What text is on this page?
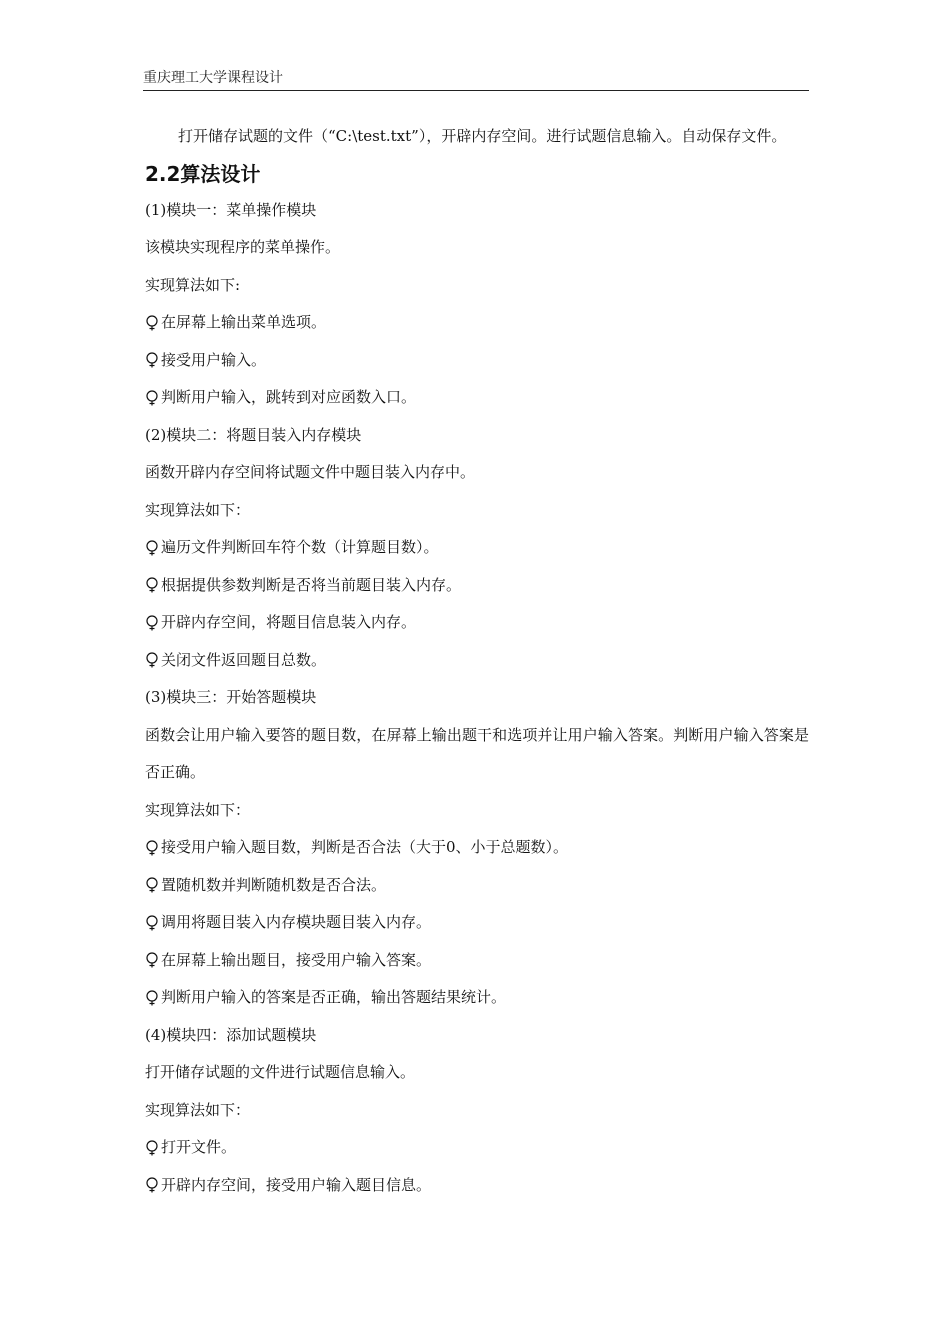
重庆理工大学课程设计

打开储存试题的文件（“C:\test.txt”），开辟内存空间。进行试题信息输入。自动保存文件。

2.2算法设计

(1)模块一：菜单操作模块

该模块实现程序的菜单操作。

实现算法如下:

在屏幕上输出菜单选项。
接受用户输入。
判断用户输入，跳转到对应函数入口。

(2)模块二：将题目装入内存模块

函数开辟内存空间将试题文件中题目装入内存中。

实现算法如下：

遍历文件判断回车符个数（计算题目数）。
根据提供参数判断是否将当前题目装入内存。
开辟内存空间，将题目信息装入内存。
关闭文件返回题目总数。

(3)模块三：开始答题模块

函数会让用户输入要答的题目数，在屏幕上输出题干和选项并让用户输入答案。判断用户输入答案是否正确。

实现算法如下：

接受用户输入题目数，判断是否合法（大于0、小于总题数）。
置随机数并判断随机数是否合法。
调用将题目装入内存模块题目装入内存。
在屏幕上输出题目，接受用户输入答案。
判断用户输入的答案是否正确，输出答题结果统计。

(4)模块四：添加试题模块

打开储存试题的文件进行试题信息输入。

实现算法如下：

打开文件。
开辟内存空间，接受用户输入题目信息。
